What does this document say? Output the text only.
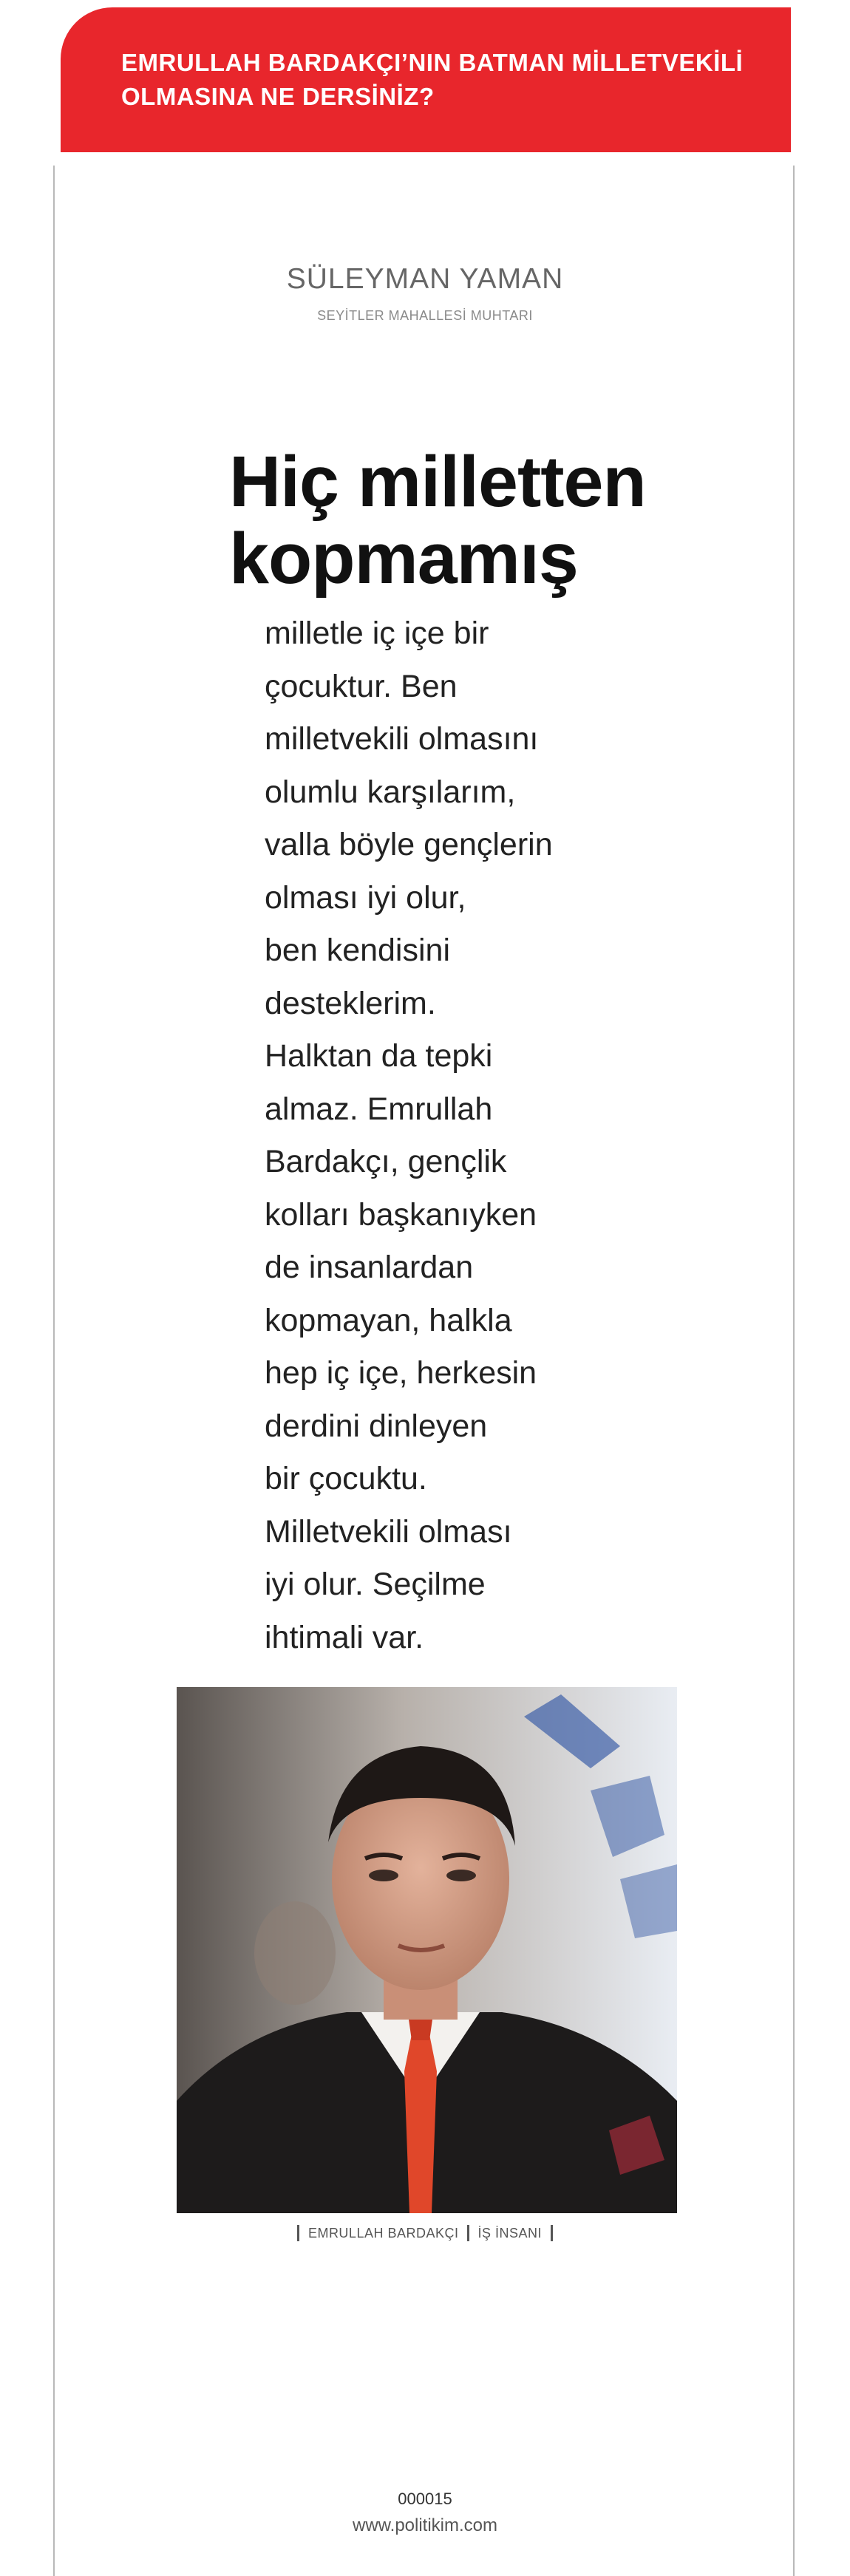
EMRULLAH BARDAKÇI’NIN BATMAN MİLLETVEKİLİ OLMASINA NE DERSİNİZ?
SÜLEYMAN YAMAN
SEYİTLER MAHALLESİ MUHTARI
Hiç milletten kopmamış
milletle iç içe bir
çocuktur. Ben
milletvekili olmasını
olumlu karşılarım,
valla böyle gençlerin
olması iyi olur,
ben kendisini
desteklerim.
Halktan da tepki
almaz. Emrullah
Bardakçı, gençlik
kolları başkanıyken
de insanlardan
kopmayan, halkla
hep iç içe, herkesin
derdini dinleyen
bir çocuktu.
Milletvekili olması
iyi olur. Seçilme
ihtimali var.
EMRULLAH BARDAKÇI İŞ İNSANI
000015
www.politikim.com
